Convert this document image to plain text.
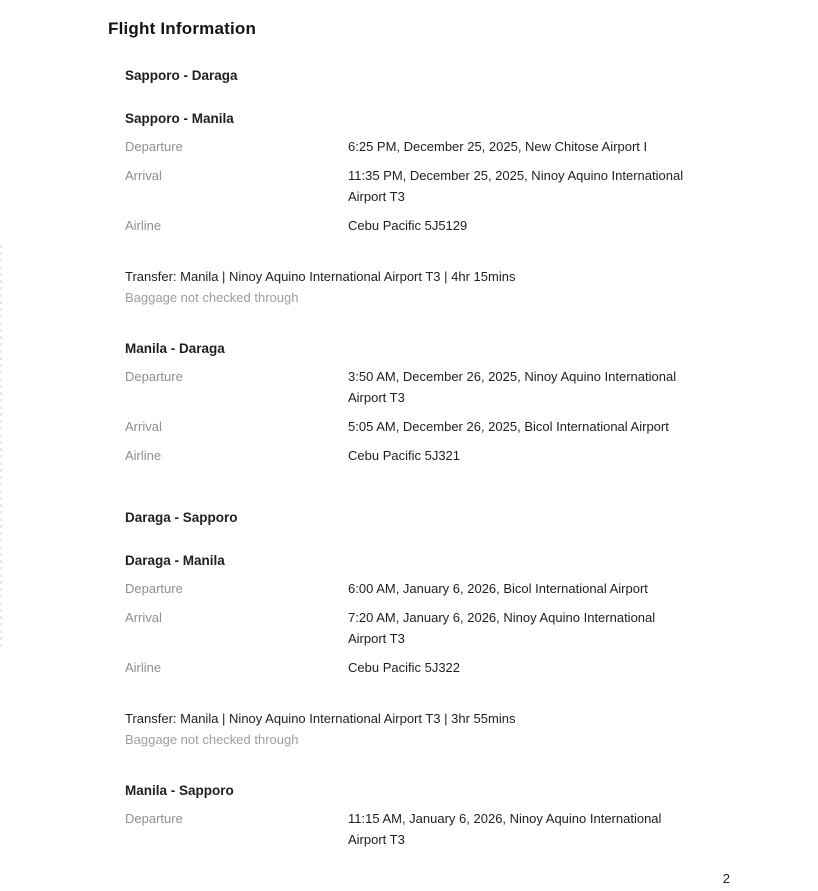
Flight Information
Sapporo - Daraga
Sapporo - Manila
Departure	6:25 PM, December 25, 2025, New Chitose Airport I
Arrival	11:35 PM, December 25, 2025, Ninoy Aquino International Airport T3
Airline	Cebu Pacific 5J5129
Transfer: Manila | Ninoy Aquino International Airport T3 | 4hr 15mins
Baggage not checked through
Manila - Daraga
Departure	3:50 AM, December 26, 2025, Ninoy Aquino International Airport T3
Arrival	5:05 AM, December 26, 2025, Bicol International Airport
Airline	Cebu Pacific 5J321
Daraga - Sapporo
Daraga - Manila
Departure	6:00 AM, January 6, 2026, Bicol International Airport
Arrival	7:20 AM, January 6, 2026, Ninoy Aquino International Airport T3
Airline	Cebu Pacific 5J322
Transfer: Manila | Ninoy Aquino International Airport T3 | 3hr 55mins
Baggage not checked through
Manila - Sapporo
Departure	11:15 AM, January 6, 2026, Ninoy Aquino International Airport T3
2
